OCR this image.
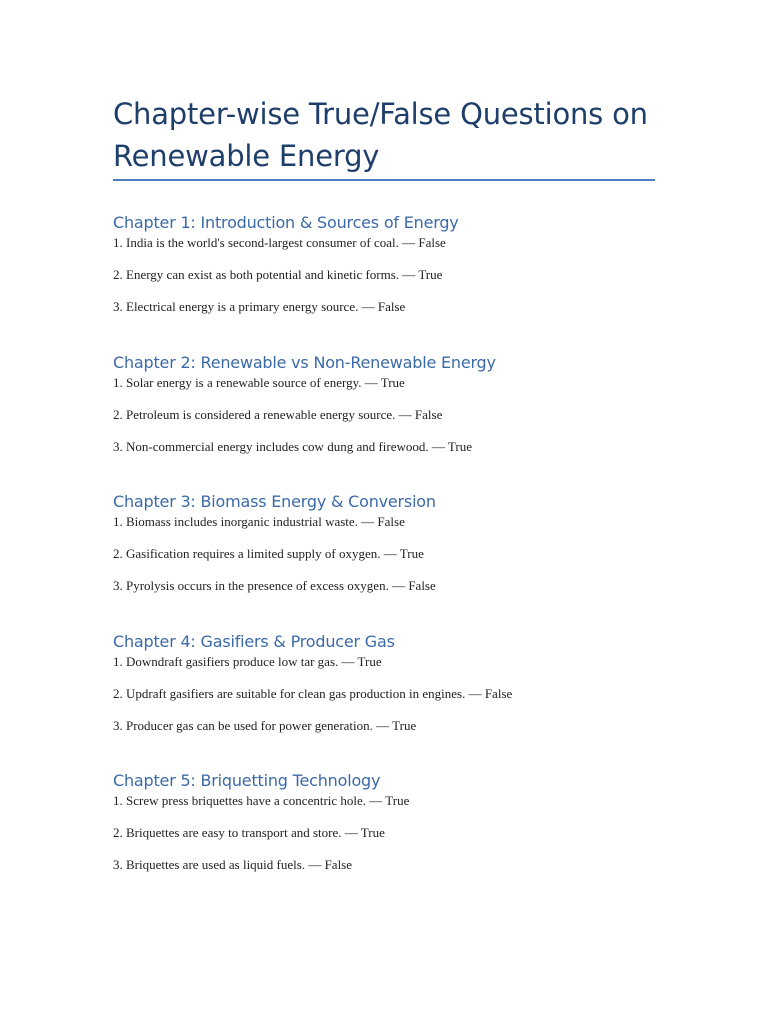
Chapter-wise True/False Questions on
Renewable Energy
Chapter 1: Introduction & Sources of Energy
1. India is the world's second-largest consumer of coal. — False
2. Energy can exist as both potential and kinetic forms. — True
3. Electrical energy is a primary energy source. — False
Chapter 2: Renewable vs Non-Renewable Energy
1. Solar energy is a renewable source of energy. — True
2. Petroleum is considered a renewable energy source. — False
3. Non-commercial energy includes cow dung and firewood. — True
Chapter 3: Biomass Energy & Conversion
1. Biomass includes inorganic industrial waste. — False
2. Gasification requires a limited supply of oxygen. — True
3. Pyrolysis occurs in the presence of excess oxygen. — False
Chapter 4: Gasifiers & Producer Gas
1. Downdraft gasifiers produce low tar gas. — True
2. Updraft gasifiers are suitable for clean gas production in engines. — False
3. Producer gas can be used for power generation. — True
Chapter 5: Briquetting Technology
1. Screw press briquettes have a concentric hole. — True
2. Briquettes are easy to transport and store. — True
3. Briquettes are used as liquid fuels. — False
